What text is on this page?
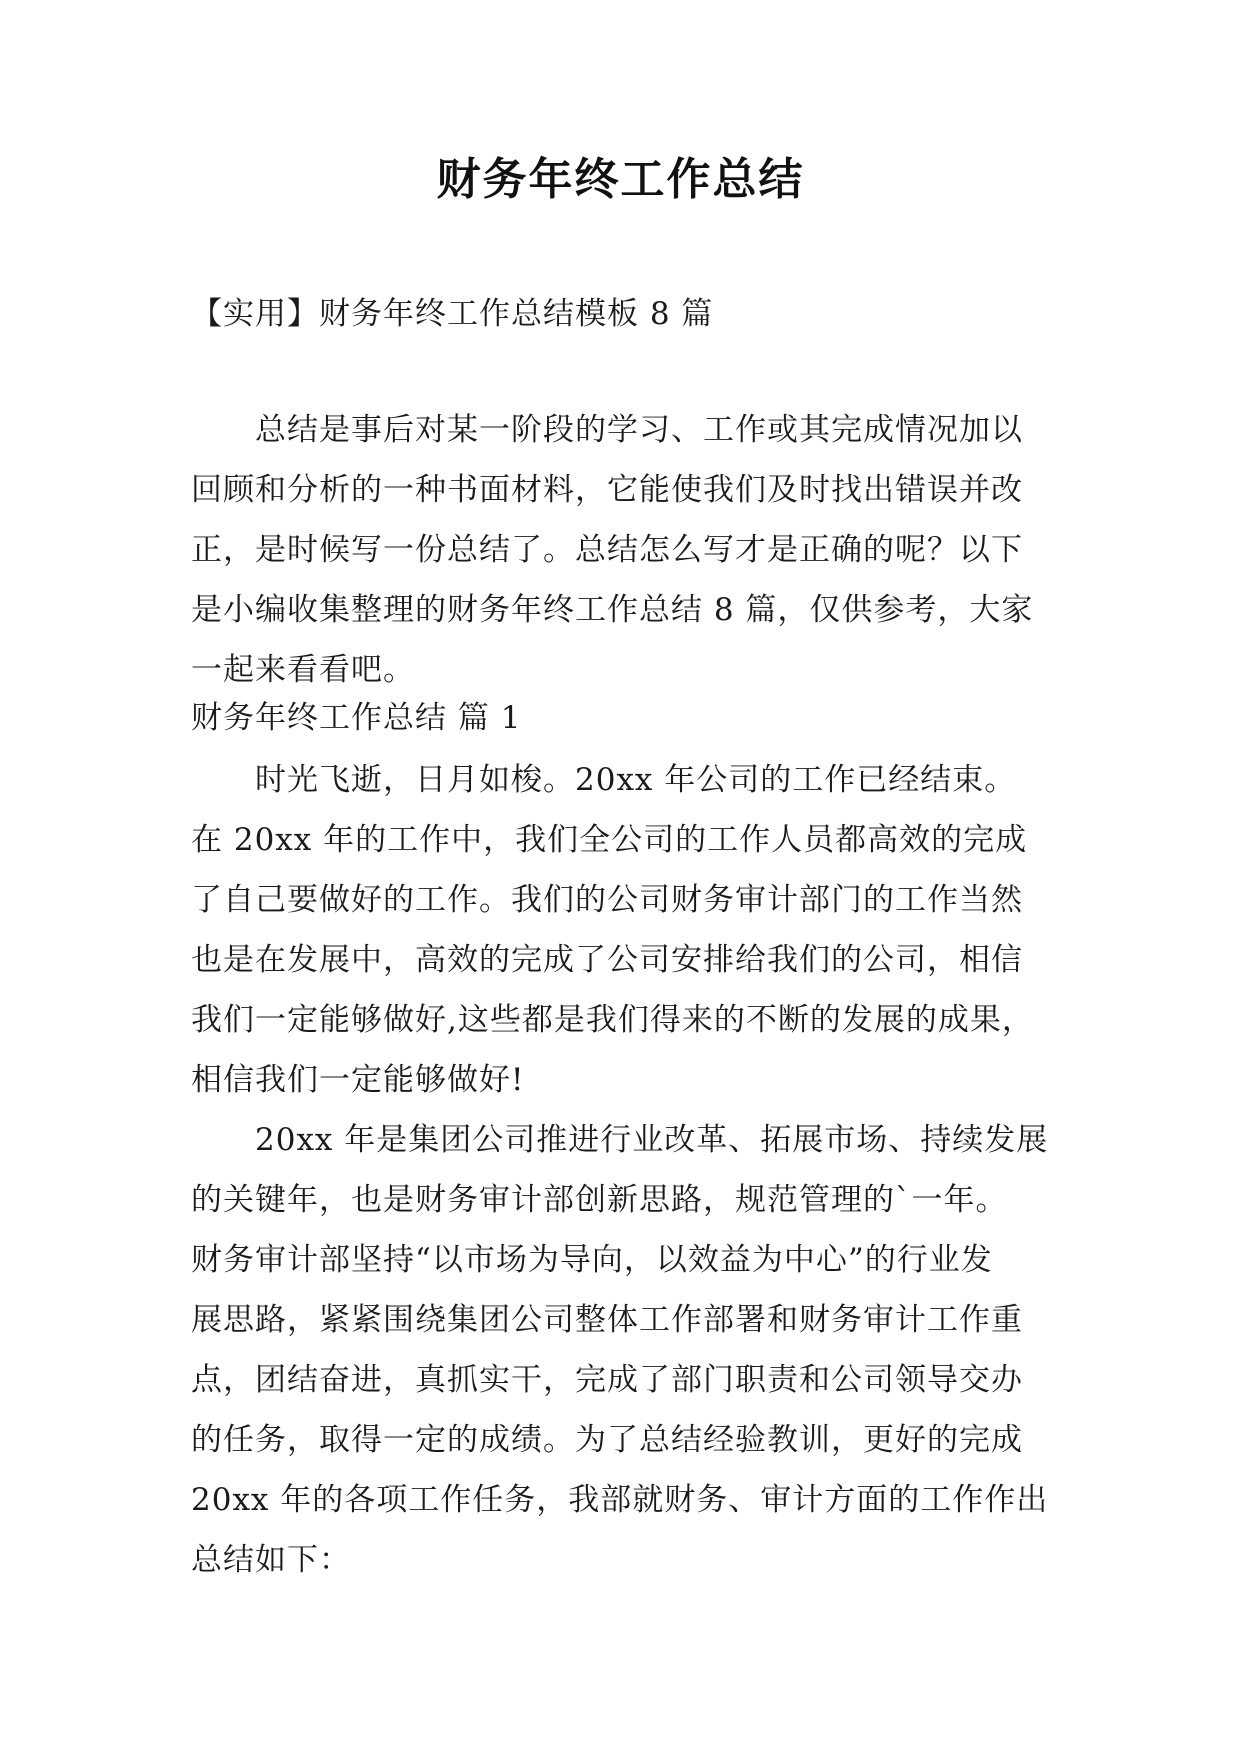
财务年终工作总结
【实用】财务年终工作总结模板 8 篇
总结是事后对某一阶段的学习、工作或其完成情况加以
回顾和分析的一种书面材料，它能使我们及时找出错误并改
正，是时候写一份总结了。总结怎么写才是正确的呢？以下
是小编收集整理的财务年终工作总结 8 篇，仅供参考，大家
一起来看看吧。
财务年终工作总结 篇 1
时光飞逝，日月如梭。20xx 年公司的工作已经结束。
在 20xx 年的工作中，我们全公司的工作人员都高效的完成
了自己要做好的工作。我们的公司财务审计部门的工作当然
也是在发展中，高效的完成了公司安排给我们的公司，相信
我们一定能够做好,这些都是我们得来的不断的发展的成果，
相信我们一定能够做好!
20xx 年是集团公司推进行业改革、拓展市场、持续发展
的关键年，也是财务审计部创新思路，规范管理的`一年。
财务审计部坚持“以市场为导向，以效益为中心”的行业发
展思路，紧紧围绕集团公司整体工作部署和财务审计工作重
点，团结奋进，真抓实干，完成了部门职责和公司领导交办
的任务，取得一定的成绩。为了总结经验教训，更好的完成
20xx 年的各项工作任务，我部就财务、审计方面的工作作出
总结如下：
